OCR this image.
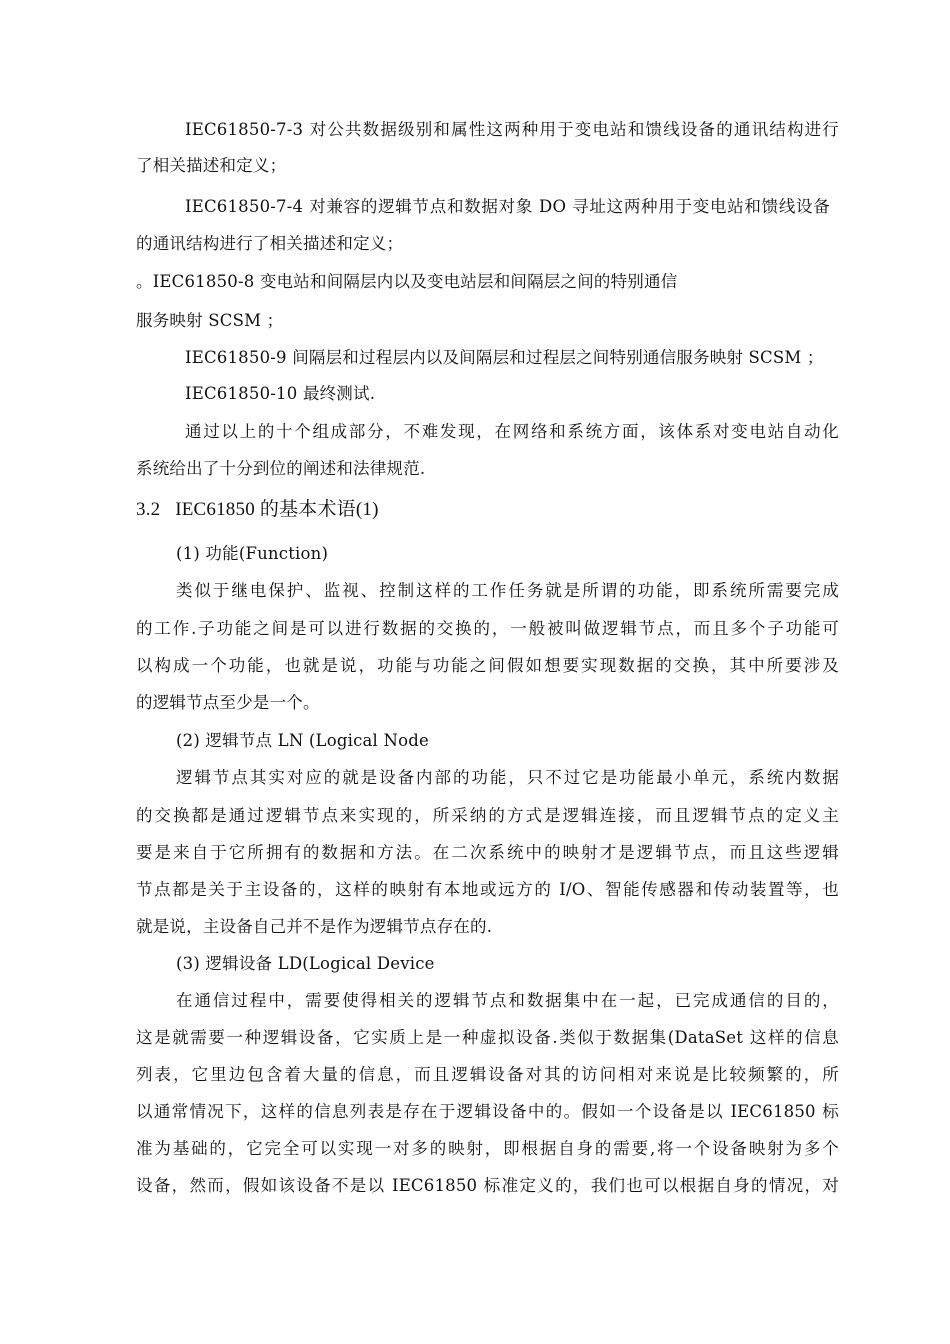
IEC61850-7-3 对公共数据级别和属性这两种用于变电站和馈线设备的通讯结构进行
了相关描述和定义；
IEC61850-7-4 对兼容的逻辑节点和数据对象 DO 寻址这两种用于变电站和馈线设备
的通讯结构进行了相关描述和定义；
。IEC61850-8 变电站和间隔层内以及变电站层和间隔层之间的特别通信
服务映射 SCSM ；
IEC61850-9 间隔层和过程层内以及间隔层和过程层之间特别通信服务映射 SCSM ；
IEC61850-10 最终测试.
通过以上的十个组成部分，不难发现，在网络和系统方面，该体系对变电站自动化
系统给出了十分到位的阐述和法律规范.
3.2   IEC61850 的基本术语(1)
(1) 功能(Function)
类似于继电保护、监视、控制这样的工作任务就是所谓的功能，即系统所需要完成
的工作.子功能之间是可以进行数据的交换的，一般被叫做逻辑节点，而且多个子功能可
以构成一个功能，也就是说，功能与功能之间假如想要实现数据的交换，其中所要涉及
的逻辑节点至少是一个。
(2) 逻辑节点 LN (Logical Node
逻辑节点其实对应的就是设备内部的功能，只不过它是功能最小单元，系统内数据
的交换都是通过逻辑节点来实现的，所采纳的方式是逻辑连接，而且逻辑节点的定义主
要是来自于它所拥有的数据和方法。在二次系统中的映射才是逻辑节点，而且这些逻辑
节点都是关于主设备的，这样的映射有本地或远方的 I/O、智能传感器和传动装置等，也
就是说，主设备自己并不是作为逻辑节点存在的.
(3) 逻辑设备 LD(Logical Device
在通信过程中，需要使得相关的逻辑节点和数据集中在一起，已完成通信的目的，
这是就需要一种逻辑设备，它实质上是一种虚拟设备.类似于数据集(DataSet 这样的信息
列表，它里边包含着大量的信息，而且逻辑设备对其的访问相对来说是比较频繁的，所
以通常情况下，这样的信息列表是存在于逻辑设备中的。假如一个设备是以 IEC61850 标
准为基础的，它完全可以实现一对多的映射，即根据自身的需要,将一个设备映射为多个
设备，然而，假如该设备不是以 IEC61850 标准定义的，我们也可以根据自身的情况，对
